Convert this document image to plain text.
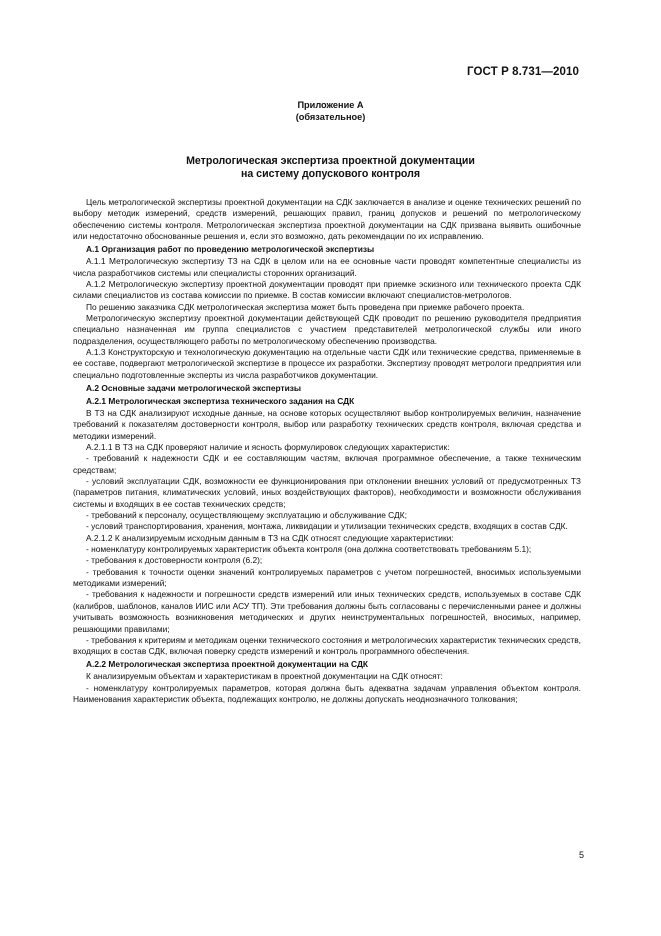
ГОСТ Р 8.731—2010
Приложение А
(обязательное)
Метрологическая экспертиза проектной документации
на систему допускового контроля

Цель метрологической экспертизы проектной документации на СДК заключается в анализе и оценке технических решений по выбору методик измерений, средств измерений, решающих правил, границ допусков и решений по метрологическому обеспечению системы контроля. Метрологическая экспертиза проектной документации на СДК призвана выявить ошибочные или недостаточно обоснованные решения и, если это возможно, дать рекомендации по их исправлению.

А.1 Организация работ по проведению метрологической экспертизы

А.1.1 Метрологическую экспертизу ТЗ на СДК в целом или на ее основные части проводят компетентные специалисты из числа разработчиков системы или специалисты сторонних организаций.

А.1.2 Метрологическую экспертизу проектной документации проводят при приемке эскизного или технического проекта СДК силами специалистов из состава комиссии по приемке. В состав комиссии включают специалистов-метрологов.

По решению заказчика СДК метрологическая экспертиза может быть проведена при приемке рабочего проекта.

Метрологическую экспертизу проектной документации действующей СДК проводит по решению руководителя предприятия специально назначенная им группа специалистов с участием представителей метрологической службы или иного подразделения, осуществляющего работы по метрологическому обеспечению производства.

А.1.3 Конструкторскую и технологическую документацию на отдельные части СДК или технические средства, применяемые в ее составе, подвергают метрологической экспертизе в процессе их разработки. Экспертизу проводят метрологи предприятия или специально подготовленные эксперты из числа разработчиков документации.

А.2 Основные задачи метрологической экспертизы

А.2.1 Метрологическая экспертиза технического задания на СДК

В ТЗ на СДК анализируют исходные данные, на основе которых осуществляют выбор контролируемых величин, назначение требований к показателям достоверности контроля, выбор или разработку технических средств контроля, включая средства и методики измерений.

А.2.1.1 В ТЗ на СДК проверяют наличие и ясность формулировок следующих характеристик:

- требований к надежности СДК и ее составляющим частям, включая программное обеспечение, а также техническим средствам;

- условий эксплуатации СДК, возможности ее функционирования при отклонении внешних условий от предусмотренных ТЗ (параметров питания, климатических условий, иных воздействующих факторов), необходимости и возможности обслуживания системы и входящих в ее состав технических средств;

- требований к персоналу, осуществляющему эксплуатацию и обслуживание СДК;

- условий транспортирования, хранения, монтажа, ликвидации и утилизации технических средств, входящих в состав СДК.

А.2.1.2 К анализируемым исходным данным в ТЗ на СДК относят следующие характеристики:

- номенклатуру контролируемых характеристик объекта контроля (она должна соответствовать требованиям 5.1);

- требования к достоверности контроля (6.2);

- требования к точности оценки значений контролируемых параметров с учетом погрешностей, вносимых используемыми методиками измерений;

- требования к надежности и погрешности средств измерений или иных технических средств, используемых в составе СДК (калибров, шаблонов, каналов ИИС или АСУ ТП). Эти требования должны быть согласованы с перечисленными ранее и должны учитывать возможность возникновения методических и других неинструментальных погрешностей, вносимых, например, решающими правилами;

- требования к критериям и методикам оценки технического состояния и метрологических характеристик технических средств, входящих в состав СДК, включая поверку средств измерений и контроль программного обеспечения.

А.2.2 Метрологическая экспертиза проектной документации на СДК

К анализируемым объектам и характеристикам в проектной документации на СДК относят:

- номенклатуру контролируемых параметров, которая должна быть адекватна задачам управления объектом контроля. Наименования характеристик объекта, подлежащих контролю, не должны допускать неоднозначного толкования;

5
